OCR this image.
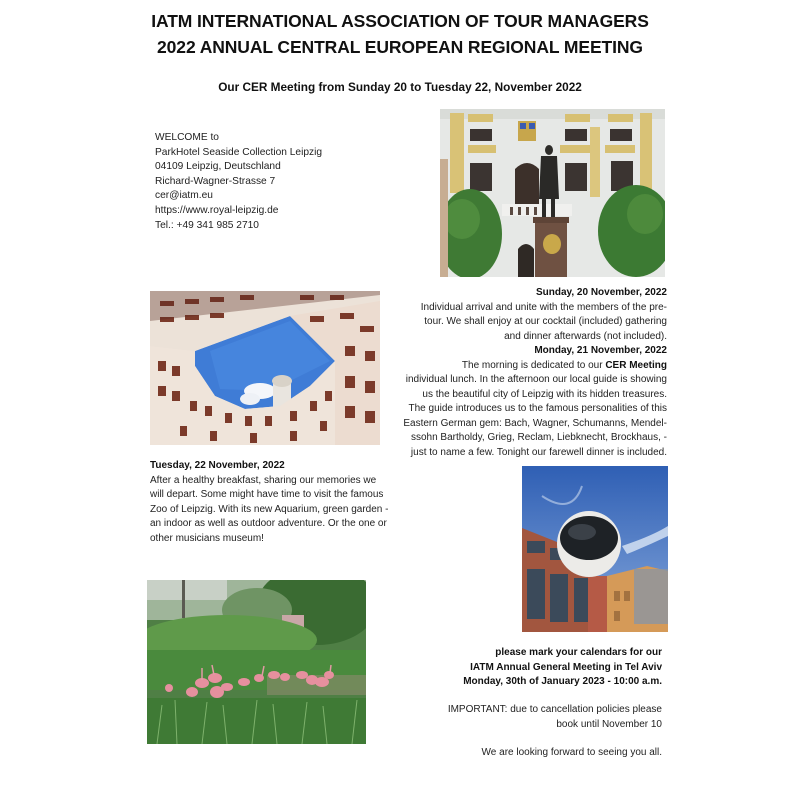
IATM INTERNATIONAL ASSOCIATION OF TOUR MANAGERS
2022 ANNUAL CENTRAL EUROPEAN REGIONAL MEETING
Our CER Meeting from Sunday 20 to Tuesday 22, November 2022
WELCOME to
ParkHotel Seaside Collection Leipzig
04109 Leipzig, Deutschland
Richard-Wagner-Strasse 7
cer@iatm.eu
https://www.royal-leipzig.de
Tel.: +49 341 985 2710
Sunday, 20 November, 2022
Individual arrival and unite with the members of the pre-
tour. We shall enjoy at our cocktail (included) gathering
and dinner afterwards (not included).
Monday, 21 November, 2022
The morning is dedicated to our CER Meeting
individual lunch. In the afternoon our local guide is showing
us the beautiful city of Leipzig with its hidden treasures.
The guide introduces us to the famous personalities of this
Eastern German gem: Bach, Wagner, Schumanns, Mendel-
ssohn Bartholdy, Grieg, Reclam, Liebknecht, Brockhaus, -
just to name a few. Tonight our farewell dinner is included.
Tuesday, 22 November, 2022
After a healthy breakfast, sharing our memories we
will depart. Some might have time to visit the famous
Zoo of Leipzig. With its new Aquarium, green garden -
an indoor as well as outdoor adventure. Or the one or
other musicians museum!
please mark your calendars for our
IATM Annual General Meeting in Tel Aviv
Monday, 30th of January 2023 - 10:00 a.m.
IMPORTANT: due to cancellation policies please
book until November 10
We are looking forward to seeing you all.
